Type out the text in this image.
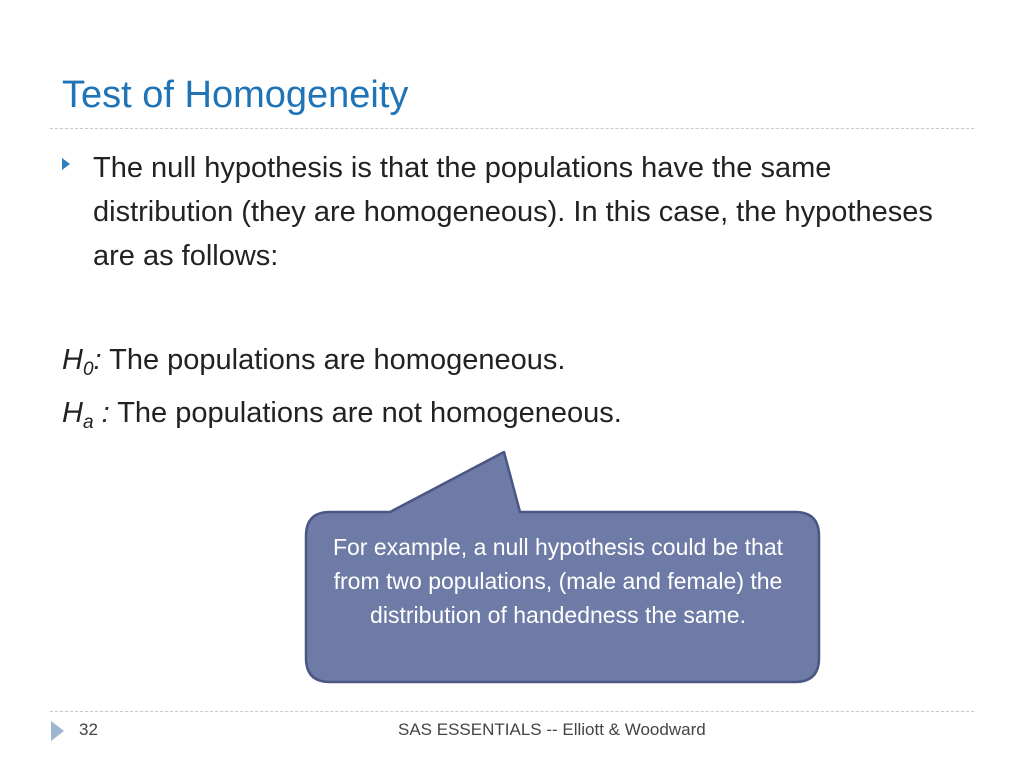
Test of Homogeneity
The null hypothesis is that the populations have the same distribution (they are homogeneous). In this case, the hypotheses are as follows:
$H_0$: The populations are homogeneous.
$H_a$ : The populations are not homogeneous.
For example, a null hypothesis could be that from two populations, (male and female) the distribution of handedness the same.
32	SAS ESSENTIALS -- Elliott & Woodward
